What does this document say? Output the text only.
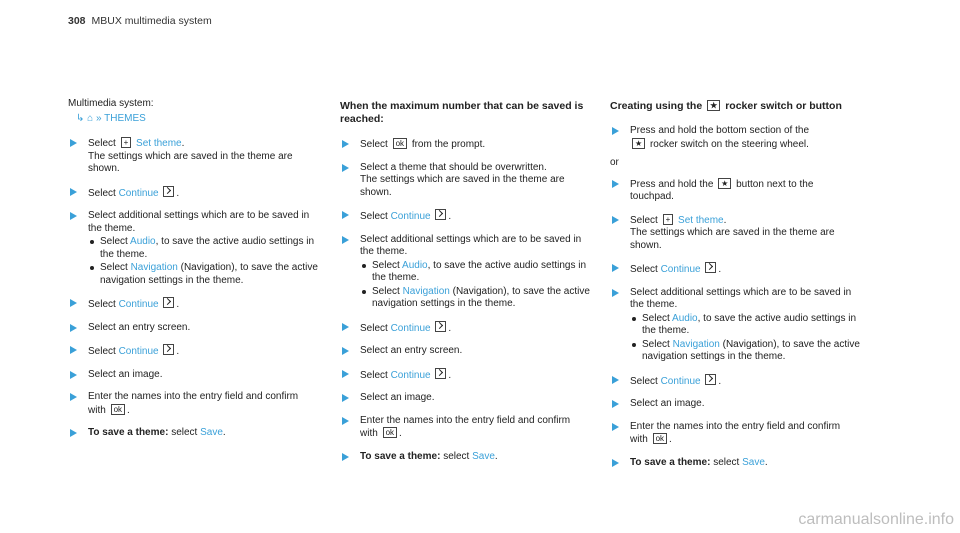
308 MBUX multimedia system
Multimedia system:
↳ ⌂ » THEMES
Select + Set theme.
The settings which are saved in the theme are shown.
Select Continue .
Select additional settings which are to be saved in the theme.
Select Audio, to save the active audio settings in the theme.
Select Navigation (Navigation), to save the active navigation settings in the theme.
Select Continue .
Select an entry screen.
Select Continue .
Select an image.
Enter the names into the entry field and confirm with ok .
To save a theme: select Save.
When the maximum number that can be saved is reached:
Select ok from the prompt.
Select a theme that should be overwritten.
The settings which are saved in the theme are shown.
Select Continue .
Select additional settings which are to be saved in the theme.
Select Audio, to save the active audio settings in the theme.
Select Navigation (Navigation), to save the active navigation settings in the theme.
Select Continue .
Select an entry screen.
Select Continue .
Select an image.
Enter the names into the entry field and confirm with ok .
To save a theme: select Save.
Creating using the ★ rocker switch or button
Press and hold the bottom section of the
★ rocker switch on the steering wheel.
or
Press and hold the ★ button next to the touchpad.
Select + Set theme.
The settings which are saved in the theme are shown.
Select Continue .
Select additional settings which are to be saved in the theme.
Select Audio, to save the active audio settings in the theme.
Select Navigation (Navigation), to save the active navigation settings in the theme.
Select Continue .
Select an image.
Enter the names into the entry field and confirm with ok .
To save a theme: select Save.
carmanualsonline.info
